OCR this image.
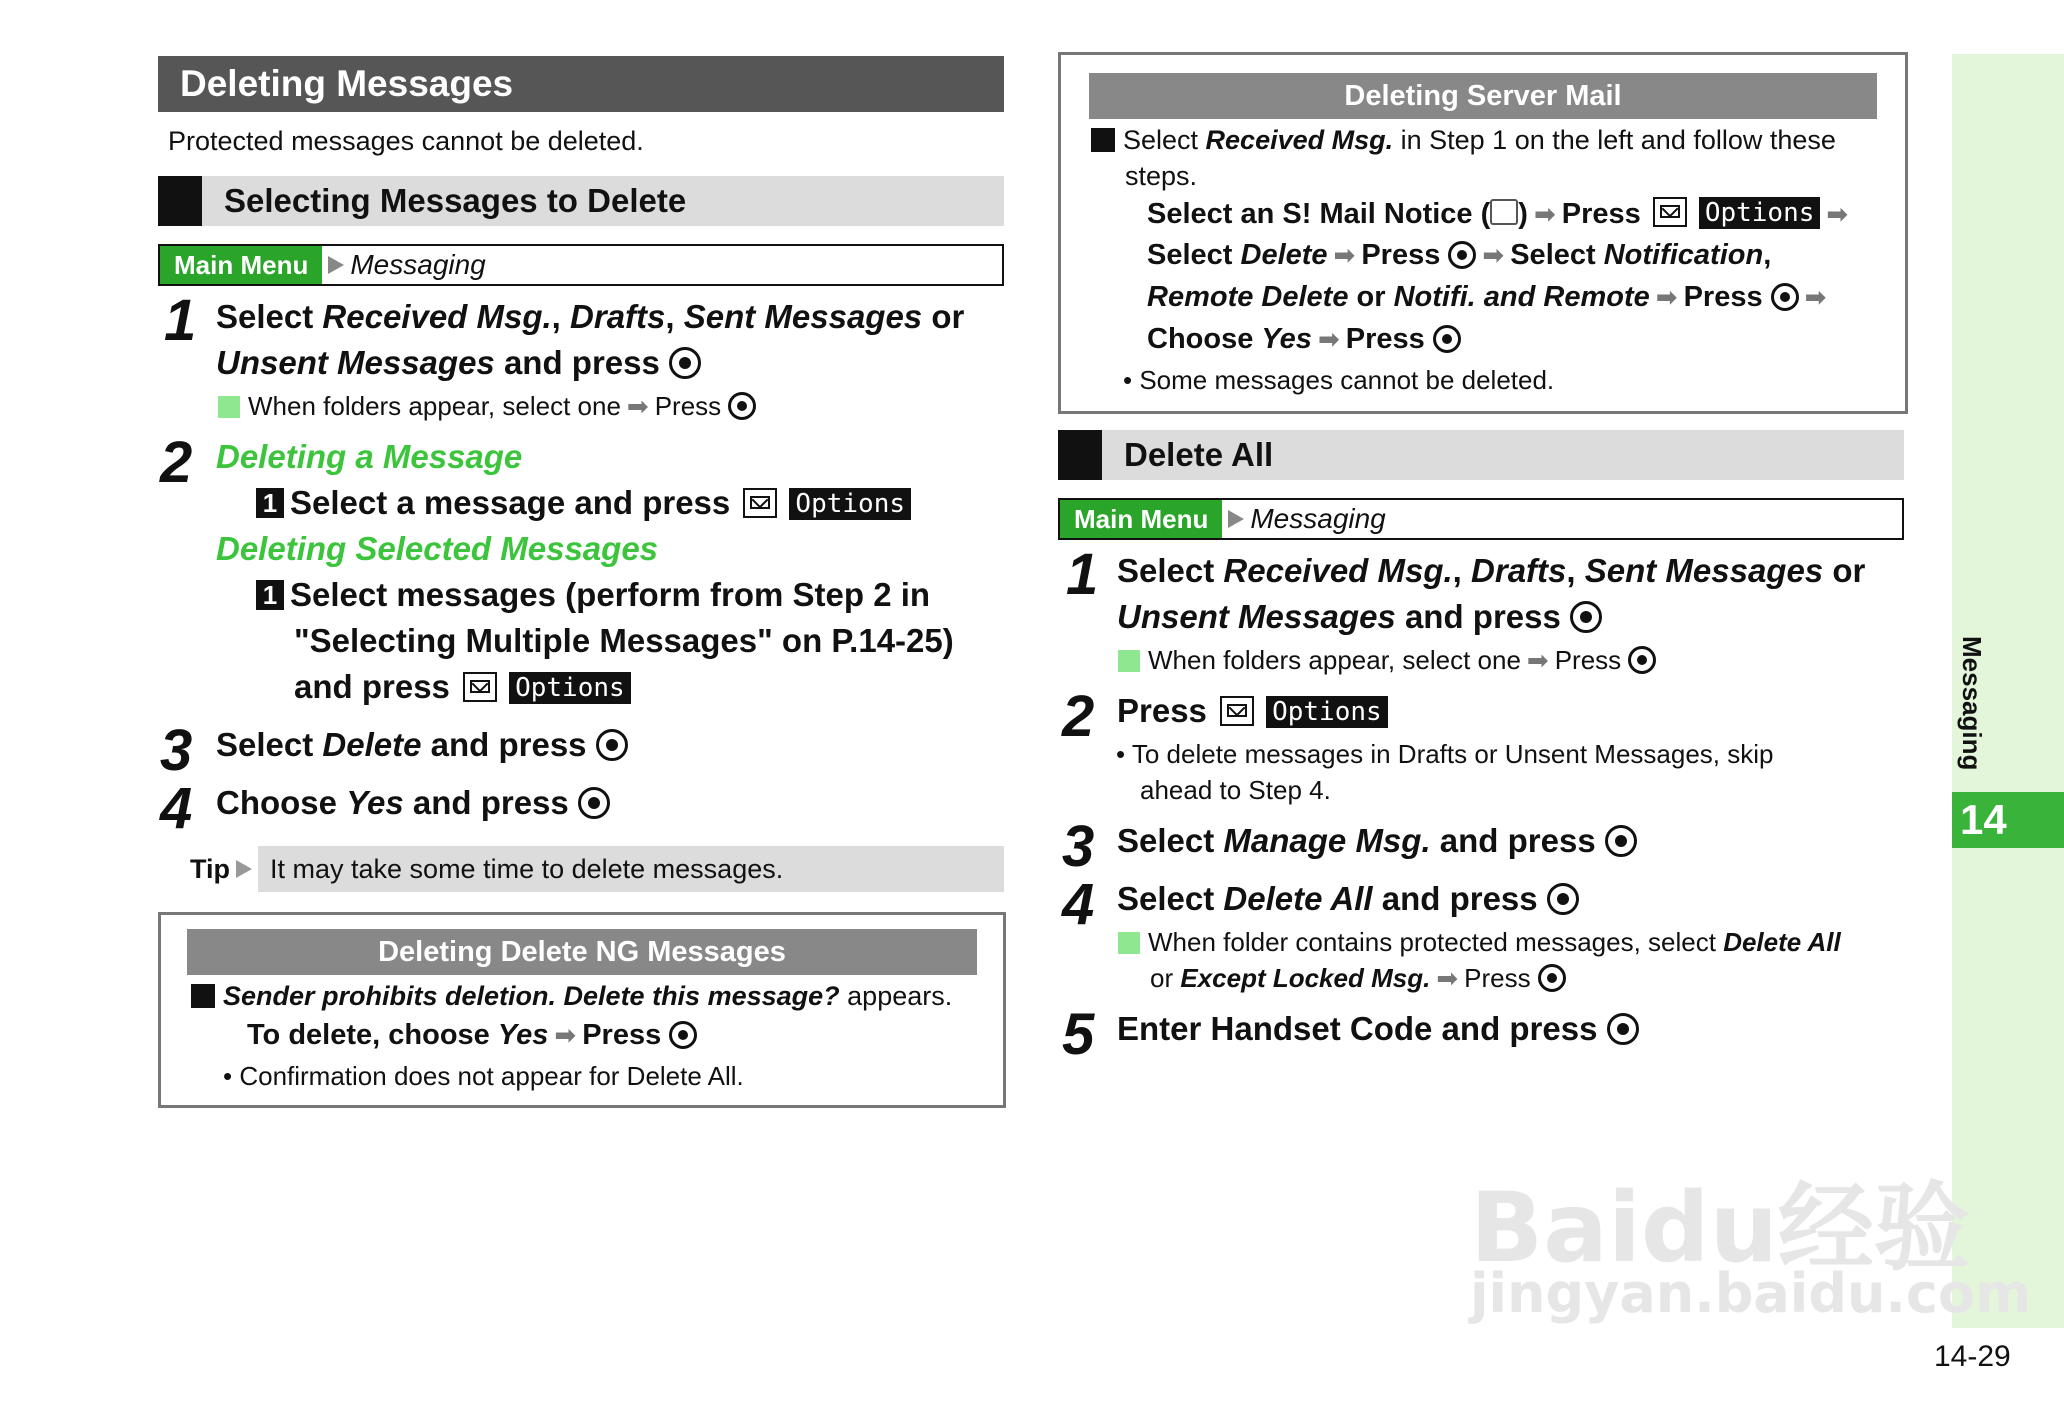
Deleting Messages
Protected messages cannot be deleted.
Selecting Messages to Delete
Main Menu	Messaging
1 Select Received Msg., Drafts, Sent Messages or
Unsent Messages and press
When folders appear, select one ➡ Press
2 Deleting a Message
1 Select a message and press	Options
Deleting Selected Messages
1 Select messages (perform from Step 2 in
"Selecting Multiple Messages" on P.14-25)
and press	Options
3 Select Delete and press
4 Choose Yes and press
Tip	It may take some time to delete messages.
Deleting Delete NG Messages
Sender prohibits deletion. Delete this message? appears.
To delete, choose Yes ➡ Press
• Confirmation does not appear for Delete All.
Deleting Server Mail
Select Received Msg. in Step 1 on the left and follow these
steps.
Select an S! Mail Notice ( ) ➡ Press Options ➡
Select Delete ➡ Press ➡ Select Notification,
Remote Delete or Notifi. and Remote ➡ Press ➡
Choose Yes ➡ Press
• Some messages cannot be deleted.
Delete All
Main Menu	Messaging
1 Select Received Msg., Drafts, Sent Messages or
Unsent Messages and press
When folders appear, select one ➡ Press
2 Press	Options
• To delete messages in Drafts or Unsent Messages, skip
ahead to Step 4.
3 Select Manage Msg. and press
4 Select Delete All and press
When folder contains protected messages, select Delete All
or Except Locked Msg. ➡ Press
5 Enter Handset Code and press
Messaging
14
14-29
Baidu经验
jingyan.baidu.com
